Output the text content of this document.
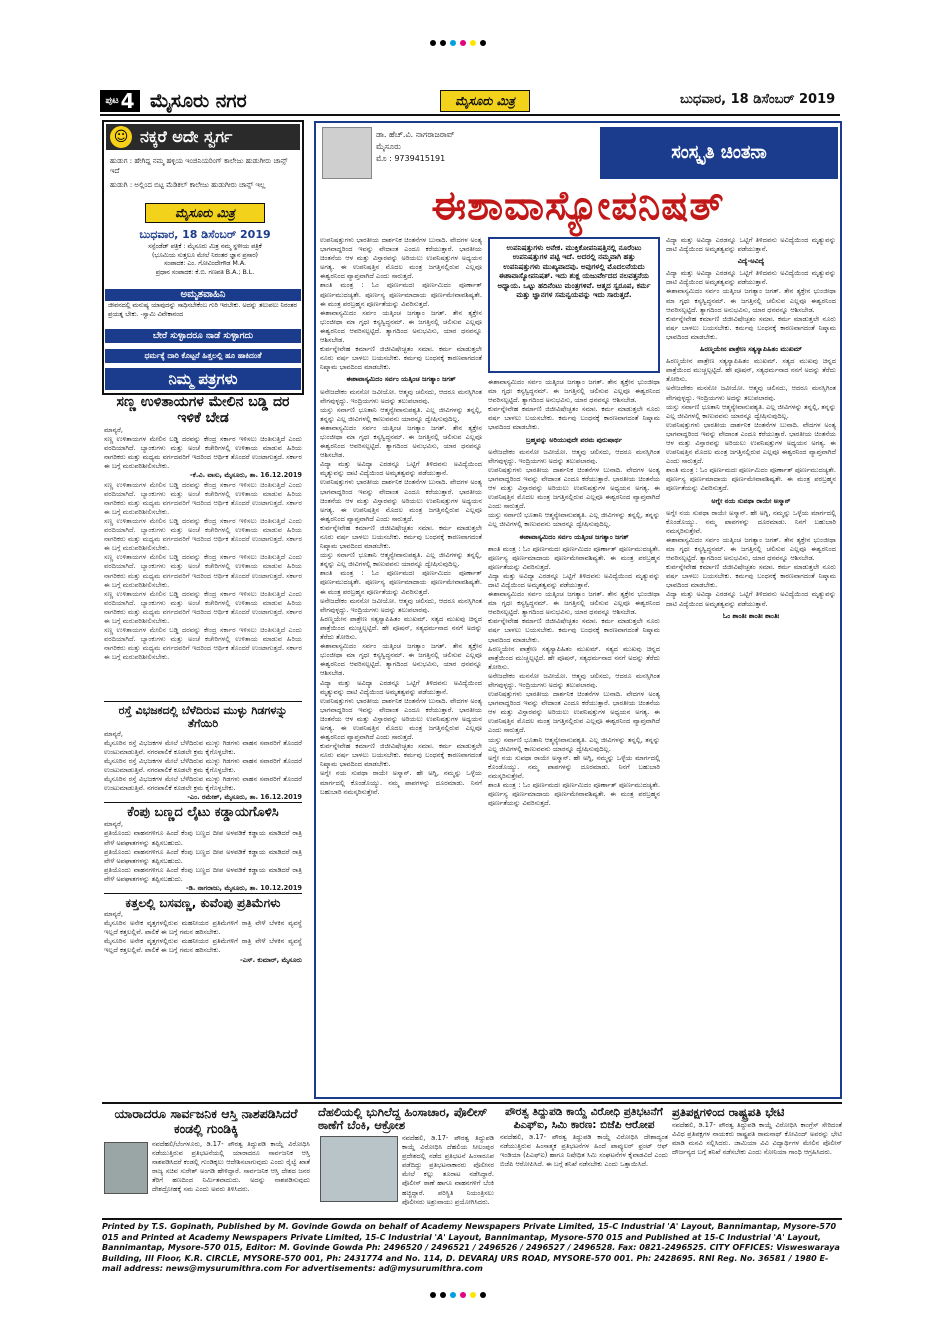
$^{ಪುಟ}$ 4 ಮೈಸೂರು ನಗರ	ಮೈಸೂರು ಮಿತ್ರ	ಬುಧವಾರ, 18 ಡಿಸೆಂಬರ್ 2019
☺ ನಕ್ಕರೆ ಅದೇ ಸ್ವರ್ಗ
ಹುಡುಗ : ಹೇಗಿದ್ದ ನಮ್ಮ ಹಳ್ಳಿಯ ಇಂಜಿನಿಯರಿಂಗ್ ಕಾಲೇಜು ಹುಡುಗೀರು ಚಾನ್ಸ್ ಇದೆ
ಹುಡುಗಿ : ಅಲ್ಲಿಂದ ಬಿಟ್ಟ ಮೆಡಿಕಲ್ ಕಾಲೇಜು ಹುಡುಗೀರು ಚಾನ್ಸ್ ಇಲ್ಲ
ಮೈಸೂರು ಮಿತ್ರ
ಬುಧವಾರ, 18 ಡಿಸೆಂಬರ್ 2019
ಸಸ್ಪೆಂಡೆಡ್ ಪತ್ರಿಕೆ : ಮೈಸೂರು ಮಿತ್ರ ನಮ್ಮ ಸ್ಥಳೀಯ ಪತ್ರಿಕೆ
(ಭೂಮಿಯ ಸುತ್ತಲೂ ಮೇಲೆ ನಿರಂತರ ಜ್ಞಾನ ಪ್ರಸಾರ)
ಸಂಪಾದಕ: ಎಂ. ಗೋವಿಂದೇಗೌಡ M.A.
ಪ್ರಧಾನ ಸಂಪಾದಕ: ಕೆ.ಬಿ. ಗಣಪತಿ B.A.; B.L.
ಅಮೃತವಾಹಿನಿ
ಜೀವನದಲ್ಲಿ ಮನುಷ್ಯ ಯಾವುದನ್ನು ಸಾಧಿಸಬೇಕೆಂಬ ಗುರಿ ಇರಬೇಕು. ಅದನ್ನು ತಲುಪಲು ನಿರಂತರ ಪ್ರಯತ್ನ ಬೇಕು. -ಸ್ವಾಮಿ ವಿವೇಕಾನಂದ
ಬೇರೆ ಸುಳ್ಳಾದರೂ ನಾಡೆ ಸುಳ್ಳಾಗದು
ಧರ್ಮಕ್ಕೆ ದಾರಿ ಕೊಟ್ಟರೆ ಹಿತ್ತಲಲ್ಲಿ ಹೂ ಹಾಕಿದಂತೆ
ನಿಮ್ಮ ಪತ್ರಗಳು
ಸಣ್ಣ ಉಳಿತಾಯಗಳ ಮೇಲಿನ ಬಡ್ಡಿ ದರ ಇಳಿಕೆ ಬೇಡ
ಮಾನ್ಯರೆ,
ಸಣ್ಣ ಉಳಿತಾಯಗಳ ಮೇಲಿನ ಬಡ್ಡಿ ದರವನ್ನು ಕೇಂದ್ರ ಸರ್ಕಾರ ಇಳಿಸಲು ಚಿಂತಿಸುತ್ತಿದೆ ಎಂದು ವರದಿಯಾಗಿದೆ. ಬ್ಯಾಂಕುಗಳು ಮತ್ತು ಅಂಚೆ ಕಚೇರಿಗಳಲ್ಲಿ ಉಳಿತಾಯ ಮಾಡುವ ಹಿರಿಯ ನಾಗರಿಕರು ಮತ್ತು ಮಧ್ಯಮ ವರ್ಗದವರಿಗೆ ಇದರಿಂದ ಆರ್ಥಿಕ ತೊಂದರೆ ಉಂಟಾಗುತ್ತದೆ. ಸರ್ಕಾರ ಈ ಬಗ್ಗೆ ಮರುಪರಿಶೀಲಿಸಬೇಕು.
-ಕೆ.ವಿ. ವಾಸು, ಮೈಸೂರು, ತಾ. 16.12.2019
ಸಣ್ಣ ಉಳಿತಾಯಗಳ ಮೇಲಿನ ಬಡ್ಡಿ ದರವನ್ನು ಕೇಂದ್ರ ಸರ್ಕಾರ ಇಳಿಸಲು ಚಿಂತಿಸುತ್ತಿದೆ ಎಂದು ವರದಿಯಾಗಿದೆ. ಬ್ಯಾಂಕುಗಳು ಮತ್ತು ಅಂಚೆ ಕಚೇರಿಗಳಲ್ಲಿ ಉಳಿತಾಯ ಮಾಡುವ ಹಿರಿಯ ನಾಗರಿಕರು ಮತ್ತು ಮಧ್ಯಮ ವರ್ಗದವರಿಗೆ ಇದರಿಂದ ಆರ್ಥಿಕ ತೊಂದರೆ ಉಂಟಾಗುತ್ತದೆ. ಸರ್ಕಾರ ಈ ಬಗ್ಗೆ ಮರುಪರಿಶೀಲಿಸಬೇಕು.
ಸಣ್ಣ ಉಳಿತಾಯಗಳ ಮೇಲಿನ ಬಡ್ಡಿ ದರವನ್ನು ಕೇಂದ್ರ ಸರ್ಕಾರ ಇಳಿಸಲು ಚಿಂತಿಸುತ್ತಿದೆ ಎಂದು ವರದಿಯಾಗಿದೆ. ಬ್ಯಾಂಕುಗಳು ಮತ್ತು ಅಂಚೆ ಕಚೇರಿಗಳಲ್ಲಿ ಉಳಿತಾಯ ಮಾಡುವ ಹಿರಿಯ ನಾಗರಿಕರು ಮತ್ತು ಮಧ್ಯಮ ವರ್ಗದವರಿಗೆ ಇದರಿಂದ ಆರ್ಥಿಕ ತೊಂದರೆ ಉಂಟಾಗುತ್ತದೆ. ಸರ್ಕಾರ ಈ ಬಗ್ಗೆ ಮರುಪರಿಶೀಲಿಸಬೇಕು.
ಸಣ್ಣ ಉಳಿತಾಯಗಳ ಮೇಲಿನ ಬಡ್ಡಿ ದರವನ್ನು ಕೇಂದ್ರ ಸರ್ಕಾರ ಇಳಿಸಲು ಚಿಂತಿಸುತ್ತಿದೆ ಎಂದು ವರದಿಯಾಗಿದೆ. ಬ್ಯಾಂಕುಗಳು ಮತ್ತು ಅಂಚೆ ಕಚೇರಿಗಳಲ್ಲಿ ಉಳಿತಾಯ ಮಾಡುವ ಹಿರಿಯ ನಾಗರಿಕರು ಮತ್ತು ಮಧ್ಯಮ ವರ್ಗದವರಿಗೆ ಇದರಿಂದ ಆರ್ಥಿಕ ತೊಂದರೆ ಉಂಟಾಗುತ್ತದೆ. ಸರ್ಕಾರ ಈ ಬಗ್ಗೆ ಮರುಪರಿಶೀಲಿಸಬೇಕು.
ಸಣ್ಣ ಉಳಿತಾಯಗಳ ಮೇಲಿನ ಬಡ್ಡಿ ದರವನ್ನು ಕೇಂದ್ರ ಸರ್ಕಾರ ಇಳಿಸಲು ಚಿಂತಿಸುತ್ತಿದೆ ಎಂದು ವರದಿಯಾಗಿದೆ. ಬ್ಯಾಂಕುಗಳು ಮತ್ತು ಅಂಚೆ ಕಚೇರಿಗಳಲ್ಲಿ ಉಳಿತಾಯ ಮಾಡುವ ಹಿರಿಯ ನಾಗರಿಕರು ಮತ್ತು ಮಧ್ಯಮ ವರ್ಗದವರಿಗೆ ಇದರಿಂದ ಆರ್ಥಿಕ ತೊಂದರೆ ಉಂಟಾಗುತ್ತದೆ. ಸರ್ಕಾರ ಈ ಬಗ್ಗೆ ಮರುಪರಿಶೀಲಿಸಬೇಕು.
ಸಣ್ಣ ಉಳಿತಾಯಗಳ ಮೇಲಿನ ಬಡ್ಡಿ ದರವನ್ನು ಕೇಂದ್ರ ಸರ್ಕಾರ ಇಳಿಸಲು ಚಿಂತಿಸುತ್ತಿದೆ ಎಂದು ವರದಿಯಾಗಿದೆ. ಬ್ಯಾಂಕುಗಳು ಮತ್ತು ಅಂಚೆ ಕಚೇರಿಗಳಲ್ಲಿ ಉಳಿತಾಯ ಮಾಡುವ ಹಿರಿಯ ನಾಗರಿಕರು ಮತ್ತು ಮಧ್ಯಮ ವರ್ಗದವರಿಗೆ ಇದರಿಂದ ಆರ್ಥಿಕ ತೊಂದರೆ ಉಂಟಾಗುತ್ತದೆ. ಸರ್ಕಾರ ಈ ಬಗ್ಗೆ ಮರುಪರಿಶೀಲಿಸಬೇಕು.
ರಸ್ತೆ ವಿಭಜಕದಲ್ಲಿ ಬೆಳೆದಿರುವ ಮುಳ್ಳು ಗಿಡಗಳನ್ನು ತೆಗೆಯಿರಿ
ಮಾನ್ಯರೆ,
ಮೈಸೂರಿನ ರಸ್ತೆ ವಿಭಜಕಗಳ ಮೇಲೆ ಬೆಳೆದಿರುವ ಮುಳ್ಳು ಗಿಡಗಳು ವಾಹನ ಸವಾರರಿಗೆ ತೊಂದರೆ ಉಂಟುಮಾಡುತ್ತಿವೆ. ನಗರಪಾಲಿಕೆ ಕೂಡಲೇ ಕ್ರಮ ಕೈಗೊಳ್ಳಬೇಕು.
ಮೈಸೂರಿನ ರಸ್ತೆ ವಿಭಜಕಗಳ ಮೇಲೆ ಬೆಳೆದಿರುವ ಮುಳ್ಳು ಗಿಡಗಳು ವಾಹನ ಸವಾರರಿಗೆ ತೊಂದರೆ ಉಂಟುಮಾಡುತ್ತಿವೆ. ನಗರಪಾಲಿಕೆ ಕೂಡಲೇ ಕ್ರಮ ಕೈಗೊಳ್ಳಬೇಕು.
ಮೈಸೂರಿನ ರಸ್ತೆ ವಿಭಜಕಗಳ ಮೇಲೆ ಬೆಳೆದಿರುವ ಮುಳ್ಳು ಗಿಡಗಳು ವಾಹನ ಸವಾರರಿಗೆ ತೊಂದರೆ ಉಂಟುಮಾಡುತ್ತಿವೆ. ನಗರಪಾಲಿಕೆ ಕೂಡಲೇ ಕ್ರಮ ಕೈಗೊಳ್ಳಬೇಕು.
-ಎಂ. ರಮೇಶ್, ಮೈಸೂರು, ತಾ. 16.12.2019
ಕೆಂಪು ಬಣ್ಣದ ಲೈಟು ಕಡ್ಡಾಯಗೊಳಿಸಿ
ಮಾನ್ಯರೆ,
ಪ್ರತಿಯೊಂದು ವಾಹನಗಳಿಗೂ ಹಿಂದೆ ಕೆಂಪು ಬಣ್ಣದ ದೀಪ ಅಳವಡಿಕೆ ಕಡ್ಡಾಯ ಮಾಡಿದರೆ ರಾತ್ರಿ ವೇಳೆ ಅಪಘಾತಗಳನ್ನು ತಪ್ಪಿಸಬಹುದು.
ಪ್ರತಿಯೊಂದು ವಾಹನಗಳಿಗೂ ಹಿಂದೆ ಕೆಂಪು ಬಣ್ಣದ ದೀಪ ಅಳವಡಿಕೆ ಕಡ್ಡಾಯ ಮಾಡಿದರೆ ರಾತ್ರಿ ವೇಳೆ ಅಪಘಾತಗಳನ್ನು ತಪ್ಪಿಸಬಹುದು.
ಪ್ರತಿಯೊಂದು ವಾಹನಗಳಿಗೂ ಹಿಂದೆ ಕೆಂಪು ಬಣ್ಣದ ದೀಪ ಅಳವಡಿಕೆ ಕಡ್ಡಾಯ ಮಾಡಿದರೆ ರಾತ್ರಿ ವೇಳೆ ಅಪಘಾತಗಳನ್ನು ತಪ್ಪಿಸಬಹುದು.
-ಡಿ. ನಾಗರಾಜು, ಮೈಸೂರು, ತಾ. 10.12.2019
ಕತ್ತಲಲ್ಲಿ ಬಸವಣ್ಣ, ಕುವೆಂಪು ಪ್ರತಿಮೆಗಳು
ಮಾನ್ಯರೆ,
ಮೈಸೂರಿನ ಅನೇಕ ವೃತ್ತಗಳಲ್ಲಿರುವ ಮಹನೀಯರ ಪ್ರತಿಮೆಗಳಿಗೆ ರಾತ್ರಿ ವೇಳೆ ಬೆಳಕಿನ ವ್ಯವಸ್ಥೆ ಇಲ್ಲದೆ ಕತ್ತಲಲ್ಲಿವೆ. ಪಾಲಿಕೆ ಈ ಬಗ್ಗೆ ಗಮನ ಹರಿಸಬೇಕು.
ಮೈಸೂರಿನ ಅನೇಕ ವೃತ್ತಗಳಲ್ಲಿರುವ ಮಹನೀಯರ ಪ್ರತಿಮೆಗಳಿಗೆ ರಾತ್ರಿ ವೇಳೆ ಬೆಳಕಿನ ವ್ಯವಸ್ಥೆ ಇಲ್ಲದೆ ಕತ್ತಲಲ್ಲಿವೆ. ಪಾಲಿಕೆ ಈ ಬಗ್ಗೆ ಗಮನ ಹರಿಸಬೇಕು.
-ಎಸ್. ಕುಮಾರ್, ಮೈಸೂರು
ಡಾ. ಹೆಚ್.ವಿ. ನಾಗರಾಜರಾವ್
ಮೈಸೂರು
ಮೊ : 9739415191	ಸಂಸ್ಕೃತಿ ಚಿಂತನಾ
ಈಶಾವಾಸ್ಯೋಪನಿಷತ್

ಉಪನಿಷತ್ತುಗಳು ಭಾರತೀಯ ದಾರ್ಶನಿಕ ಚಿಂತನೆಗಳ ಬುನಾದಿ. ವೇದಗಳ ಅಂತ್ಯ ಭಾಗವಾದ್ದರಿಂದ ಇವನ್ನು ವೇದಾಂತ ಎಂದೂ ಕರೆಯುತ್ತಾರೆ. ಭಾರತೀಯ ಚಿಂತನೆಯ ಆಳ ಮತ್ತು ವಿಸ್ತಾರವನ್ನು ಅರಿಯಲು ಉಪನಿಷತ್ತುಗಳ ಅಧ್ಯಯನ ಅಗತ್ಯ. ಈ ಉಪನಿಷತ್ತಿನ ಮೊದಲ ಮಂತ್ರ ಜಗತ್ತಿನಲ್ಲಿರುವ ಎಲ್ಲವೂ ಈಶ್ವರನಿಂದ ವ್ಯಾಪ್ತವಾಗಿದೆ ಎಂದು ಸಾರುತ್ತದೆ.

ಶಾಂತಿ ಮಂತ್ರ : ಓಂ ಪೂರ್ಣಮದಃ ಪೂರ್ಣಮಿದಂ ಪೂರ್ಣಾತ್ ಪೂರ್ಣಮುದಚ್ಯತೇ. ಪೂರ್ಣಸ್ಯ ಪೂರ್ಣಮಾದಾಯ ಪೂರ್ಣಮೇವಾವಶಿಷ್ಯತೇ. ಈ ಮಂತ್ರ ಪರಬ್ರಹ್ಮನ ಪೂರ್ಣತೆಯನ್ನು ವಿವರಿಸುತ್ತದೆ.

ಈಶಾವಾಸ್ಯಮಿದಂ ಸರ್ವಂ ಯತ್ಕಿಂಚ ಜಗತ್ಯಾಂ ಜಗತ್. ತೇನ ತ್ಯಕ್ತೇನ ಭುಂಜೀಥಾ ಮಾ ಗೃಧಃ ಕಸ್ಯಸ್ವಿದ್ಧನಮ್. ಈ ಜಗತ್ತಿನಲ್ಲಿ ಚಲಿಸುವ ಎಲ್ಲವೂ ಈಶ್ವರನಿಂದ ಆವರಿಸಲ್ಪಟ್ಟಿದೆ. ತ್ಯಾಗದಿಂದ ಅನುಭವಿಸು, ಯಾರ ಧನವನ್ನೂ ಆಶಿಸಬೇಡ.

ಕುರ್ವನ್ನೇವೇಹ ಕರ್ಮಾಣಿ ಜಿಜೀವಿಷೇಚ್ಛತಂ ಸಮಾಃ. ಕರ್ಮ ಮಾಡುತ್ತಲೇ ನೂರು ವರ್ಷ ಬಾಳಲು ಬಯಸಬೇಕು. ಕರ್ಮವು ಬಂಧನಕ್ಕೆ ಕಾರಣವಾಗದಂತೆ ನಿಷ್ಕಾಮ ಭಾವದಿಂದ ಮಾಡಬೇಕು.

ಈಶಾವಾಸ್ಯಮಿದಂ ಸರ್ವಂ ಯತ್ಕಿಂಚ ಜಗತ್ಯಾಂ ಜಗತ್

ಅನೇಜದೇಕಂ ಮನಸೋ ಜವೀಯೋ. ಆತ್ಮವು ಚಲಿಸದು, ಆದರೂ ಮನಸ್ಸಿಗಿಂತ ವೇಗವುಳ್ಳದ್ದು. ಇಂದ್ರಿಯಗಳು ಅದನ್ನು ತಲುಪಲಾರವು.

ಯಸ್ತು ಸರ್ವಾಣಿ ಭೂತಾನಿ ಆತ್ಮನ್ಯೇವಾನುಪಶ್ಯತಿ. ಎಲ್ಲ ಜೀವಿಗಳನ್ನು ತನ್ನಲ್ಲಿ, ತನ್ನನ್ನು ಎಲ್ಲ ಜೀವಿಗಳಲ್ಲಿ ಕಾಣುವವನು ಯಾರನ್ನೂ ದ್ವೇಷಿಸುವುದಿಲ್ಲ.

ಈಶಾವಾಸ್ಯಮಿದಂ ಸರ್ವಂ ಯತ್ಕಿಂಚ ಜಗತ್ಯಾಂ ಜಗತ್. ತೇನ ತ್ಯಕ್ತೇನ ಭುಂಜೀಥಾ ಮಾ ಗೃಧಃ ಕಸ್ಯಸ್ವಿದ್ಧನಮ್. ಈ ಜಗತ್ತಿನಲ್ಲಿ ಚಲಿಸುವ ಎಲ್ಲವೂ ಈಶ್ವರನಿಂದ ಆವರಿಸಲ್ಪಟ್ಟಿದೆ. ತ್ಯಾಗದಿಂದ ಅನುಭವಿಸು, ಯಾರ ಧನವನ್ನೂ ಆಶಿಸಬೇಡ.

ವಿದ್ಯಾ ಮತ್ತು ಅವಿದ್ಯಾ ಎರಡನ್ನೂ ಒಟ್ಟಿಗೆ ತಿಳಿದವನು ಅವಿದ್ಯೆಯಿಂದ ಮೃತ್ಯುವನ್ನು ದಾಟಿ ವಿದ್ಯೆಯಿಂದ ಅಮೃತತ್ವವನ್ನು ಪಡೆಯುತ್ತಾನೆ.

ಉಪನಿಷತ್ತುಗಳು ಭಾರತೀಯ ದಾರ್ಶನಿಕ ಚಿಂತನೆಗಳ ಬುನಾದಿ. ವೇದಗಳ ಅಂತ್ಯ ಭಾಗವಾದ್ದರಿಂದ ಇವನ್ನು ವೇದಾಂತ ಎಂದೂ ಕರೆಯುತ್ತಾರೆ. ಭಾರತೀಯ ಚಿಂತನೆಯ ಆಳ ಮತ್ತು ವಿಸ್ತಾರವನ್ನು ಅರಿಯಲು ಉಪನಿಷತ್ತುಗಳ ಅಧ್ಯಯನ ಅಗತ್ಯ. ಈ ಉಪನಿಷತ್ತಿನ ಮೊದಲ ಮಂತ್ರ ಜಗತ್ತಿನಲ್ಲಿರುವ ಎಲ್ಲವೂ ಈಶ್ವರನಿಂದ ವ್ಯಾಪ್ತವಾಗಿದೆ ಎಂದು ಸಾರುತ್ತದೆ.

ಕುರ್ವನ್ನೇವೇಹ ಕರ್ಮಾಣಿ ಜಿಜೀವಿಷೇಚ್ಛತಂ ಸಮಾಃ. ಕರ್ಮ ಮಾಡುತ್ತಲೇ ನೂರು ವರ್ಷ ಬಾಳಲು ಬಯಸಬೇಕು. ಕರ್ಮವು ಬಂಧನಕ್ಕೆ ಕಾರಣವಾಗದಂತೆ ನಿಷ್ಕಾಮ ಭಾವದಿಂದ ಮಾಡಬೇಕು.

ಯಸ್ತು ಸರ್ವಾಣಿ ಭೂತಾನಿ ಆತ್ಮನ್ಯೇವಾನುಪಶ್ಯತಿ. ಎಲ್ಲ ಜೀವಿಗಳನ್ನು ತನ್ನಲ್ಲಿ, ತನ್ನನ್ನು ಎಲ್ಲ ಜೀವಿಗಳಲ್ಲಿ ಕಾಣುವವನು ಯಾರನ್ನೂ ದ್ವೇಷಿಸುವುದಿಲ್ಲ.

ಶಾಂತಿ ಮಂತ್ರ : ಓಂ ಪೂರ್ಣಮದಃ ಪೂರ್ಣಮಿದಂ ಪೂರ್ಣಾತ್ ಪೂರ್ಣಮುದಚ್ಯತೇ. ಪೂರ್ಣಸ್ಯ ಪೂರ್ಣಮಾದಾಯ ಪೂರ್ಣಮೇವಾವಶಿಷ್ಯತೇ. ಈ ಮಂತ್ರ ಪರಬ್ರಹ್ಮನ ಪೂರ್ಣತೆಯನ್ನು ವಿವರಿಸುತ್ತದೆ.

ಅನೇಜದೇಕಂ ಮನಸೋ ಜವೀಯೋ. ಆತ್ಮವು ಚಲಿಸದು, ಆದರೂ ಮನಸ್ಸಿಗಿಂತ ವೇಗವುಳ್ಳದ್ದು. ಇಂದ್ರಿಯಗಳು ಅದನ್ನು ತಲುಪಲಾರವು.

ಹಿರಣ್ಮಯೇನ ಪಾತ್ರೇಣ ಸತ್ಯಸ್ಯಾಪಿಹಿತಂ ಮುಖಮ್. ಸತ್ಯದ ಮುಖವು ಚಿನ್ನದ ಪಾತ್ರೆಯಿಂದ ಮುಚ್ಚಲ್ಪಟ್ಟಿದೆ. ಹೇ ಪೂಷನ್, ಸತ್ಯಧರ್ಮನಾದ ನನಗೆ ಅದನ್ನು ತೆರೆದು ತೋರಿಸು.

ಈಶಾವಾಸ್ಯಮಿದಂ ಸರ್ವಂ ಯತ್ಕಿಂಚ ಜಗತ್ಯಾಂ ಜಗತ್. ತೇನ ತ್ಯಕ್ತೇನ ಭುಂಜೀಥಾ ಮಾ ಗೃಧಃ ಕಸ್ಯಸ್ವಿದ್ಧನಮ್. ಈ ಜಗತ್ತಿನಲ್ಲಿ ಚಲಿಸುವ ಎಲ್ಲವೂ ಈಶ್ವರನಿಂದ ಆವರಿಸಲ್ಪಟ್ಟಿದೆ. ತ್ಯಾಗದಿಂದ ಅನುಭವಿಸು, ಯಾರ ಧನವನ್ನೂ ಆಶಿಸಬೇಡ.

ವಿದ್ಯಾ ಮತ್ತು ಅವಿದ್ಯಾ ಎರಡನ್ನೂ ಒಟ್ಟಿಗೆ ತಿಳಿದವನು ಅವಿದ್ಯೆಯಿಂದ ಮೃತ್ಯುವನ್ನು ದಾಟಿ ವಿದ್ಯೆಯಿಂದ ಅಮೃತತ್ವವನ್ನು ಪಡೆಯುತ್ತಾನೆ.

ಉಪನಿಷತ್ತುಗಳು ಭಾರತೀಯ ದಾರ್ಶನಿಕ ಚಿಂತನೆಗಳ ಬುನಾದಿ. ವೇದಗಳ ಅಂತ್ಯ ಭಾಗವಾದ್ದರಿಂದ ಇವನ್ನು ವೇದಾಂತ ಎಂದೂ ಕರೆಯುತ್ತಾರೆ. ಭಾರತೀಯ ಚಿಂತನೆಯ ಆಳ ಮತ್ತು ವಿಸ್ತಾರವನ್ನು ಅರಿಯಲು ಉಪನಿಷತ್ತುಗಳ ಅಧ್ಯಯನ ಅಗತ್ಯ. ಈ ಉಪನಿಷತ್ತಿನ ಮೊದಲ ಮಂತ್ರ ಜಗತ್ತಿನಲ್ಲಿರುವ ಎಲ್ಲವೂ ಈಶ್ವರನಿಂದ ವ್ಯಾಪ್ತವಾಗಿದೆ ಎಂದು ಸಾರುತ್ತದೆ.

ಕುರ್ವನ್ನೇವೇಹ ಕರ್ಮಾಣಿ ಜಿಜೀವಿಷೇಚ್ಛತಂ ಸಮಾಃ. ಕರ್ಮ ಮಾಡುತ್ತಲೇ ನೂರು ವರ್ಷ ಬಾಳಲು ಬಯಸಬೇಕು. ಕರ್ಮವು ಬಂಧನಕ್ಕೆ ಕಾರಣವಾಗದಂತೆ ನಿಷ್ಕಾಮ ಭಾವದಿಂದ ಮಾಡಬೇಕು.

ಅಗ್ನೇ ನಯ ಸುಪಥಾ ರಾಯೇ ಅಸ್ಮಾನ್. ಹೇ ಅಗ್ನಿ, ನಮ್ಮನ್ನು ಒಳ್ಳೆಯ ಮಾರ್ಗದಲ್ಲಿ ಕೊಂಡೊಯ್ಯು. ನಮ್ಮ ಪಾಪಗಳನ್ನು ದೂರಮಾಡು. ನಿನಗೆ ಬಹುಬಾರಿ ನಮಸ್ಕರಿಸುತ್ತೇವೆ.

ಉಪನಿಷತ್ತುಗಳು ಅನೇಕ. ಮುಕ್ತಿಕೋಪನಿಷತ್ತಿನಲ್ಲಿ ನೂರೆಂಟು ಉಪನಿಷತ್ತುಗಳ ಪಟ್ಟಿ ಇದೆ. ಅದರಲ್ಲಿ ನಮ್ಮವಾಗಿ ಹತ್ತು ಉಪನಿಷತ್ತುಗಳು ಮುಖ್ಯವಾದವು. ಅವುಗಳಲ್ಲಿ ಮೊದಲನೆಯದು ಈಶಾವಾಸ್ಯೋಪನಿಷತ್. ಇದು ಶುಕ್ಲ ಯಜುರ್ವೇದದ ನಲವತ್ತನೆಯ ಅಧ್ಯಾಯ. ಒಟ್ಟು ಹದಿನೆಂಟು ಮಂತ್ರಗಳಿವೆ. ಆತ್ಮದ ಸ್ವರೂಪ, ಕರ್ಮ ಮತ್ತು ಜ್ಞಾನಗಳ ಸಮನ್ವಯವನ್ನು ಇದು ಸಾರುತ್ತದೆ.

ಈಶಾವಾಸ್ಯಮಿದಂ ಸರ್ವಂ ಯತ್ಕಿಂಚ ಜಗತ್ಯಾಂ ಜಗತ್. ತೇನ ತ್ಯಕ್ತೇನ ಭುಂಜೀಥಾ ಮಾ ಗೃಧಃ ಕಸ್ಯಸ್ವಿದ್ಧನಮ್. ಈ ಜಗತ್ತಿನಲ್ಲಿ ಚಲಿಸುವ ಎಲ್ಲವೂ ಈಶ್ವರನಿಂದ ಆವರಿಸಲ್ಪಟ್ಟಿದೆ. ತ್ಯಾಗದಿಂದ ಅನುಭವಿಸು, ಯಾರ ಧನವನ್ನೂ ಆಶಿಸಬೇಡ.

ಕುರ್ವನ್ನೇವೇಹ ಕರ್ಮಾಣಿ ಜಿಜೀವಿಷೇಚ್ಛತಂ ಸಮಾಃ. ಕರ್ಮ ಮಾಡುತ್ತಲೇ ನೂರು ವರ್ಷ ಬಾಳಲು ಬಯಸಬೇಕು. ಕರ್ಮವು ಬಂಧನಕ್ಕೆ ಕಾರಣವಾಗದಂತೆ ನಿಷ್ಕಾಮ ಭಾವದಿಂದ ಮಾಡಬೇಕು.

ಬ್ರಹ್ಮವನ್ನು ಅರಿಯುವುದೇ ಪರಮ ಪುರುಷಾರ್ಥ

ಅನೇಜದೇಕಂ ಮನಸೋ ಜವೀಯೋ. ಆತ್ಮವು ಚಲಿಸದು, ಆದರೂ ಮನಸ್ಸಿಗಿಂತ ವೇಗವುಳ್ಳದ್ದು. ಇಂದ್ರಿಯಗಳು ಅದನ್ನು ತಲುಪಲಾರವು.

ಉಪನಿಷತ್ತುಗಳು ಭಾರತೀಯ ದಾರ್ಶನಿಕ ಚಿಂತನೆಗಳ ಬುನಾದಿ. ವೇದಗಳ ಅಂತ್ಯ ಭಾಗವಾದ್ದರಿಂದ ಇವನ್ನು ವೇದಾಂತ ಎಂದೂ ಕರೆಯುತ್ತಾರೆ. ಭಾರತೀಯ ಚಿಂತನೆಯ ಆಳ ಮತ್ತು ವಿಸ್ತಾರವನ್ನು ಅರಿಯಲು ಉಪನಿಷತ್ತುಗಳ ಅಧ್ಯಯನ ಅಗತ್ಯ. ಈ ಉಪನಿಷತ್ತಿನ ಮೊದಲ ಮಂತ್ರ ಜಗತ್ತಿನಲ್ಲಿರುವ ಎಲ್ಲವೂ ಈಶ್ವರನಿಂದ ವ್ಯಾಪ್ತವಾಗಿದೆ ಎಂದು ಸಾರುತ್ತದೆ.

ಯಸ್ತು ಸರ್ವಾಣಿ ಭೂತಾನಿ ಆತ್ಮನ್ಯೇವಾನುಪಶ್ಯತಿ. ಎಲ್ಲ ಜೀವಿಗಳನ್ನು ತನ್ನಲ್ಲಿ, ತನ್ನನ್ನು ಎಲ್ಲ ಜೀವಿಗಳಲ್ಲಿ ಕಾಣುವವನು ಯಾರನ್ನೂ ದ್ವೇಷಿಸುವುದಿಲ್ಲ.

ಈಶಾವಾಸ್ಯಮಿದಂ ಸರ್ವಂ ಯತ್ಕಿಂಚ ಜಗತ್ಯಾಂ ಜಗತ್

ಶಾಂತಿ ಮಂತ್ರ : ಓಂ ಪೂರ್ಣಮದಃ ಪೂರ್ಣಮಿದಂ ಪೂರ್ಣಾತ್ ಪೂರ್ಣಮುದಚ್ಯತೇ. ಪೂರ್ಣಸ್ಯ ಪೂರ್ಣಮಾದಾಯ ಪೂರ್ಣಮೇವಾವಶಿಷ್ಯತೇ. ಈ ಮಂತ್ರ ಪರಬ್ರಹ್ಮನ ಪೂರ್ಣತೆಯನ್ನು ವಿವರಿಸುತ್ತದೆ.

ವಿದ್ಯಾ ಮತ್ತು ಅವಿದ್ಯಾ ಎರಡನ್ನೂ ಒಟ್ಟಿಗೆ ತಿಳಿದವನು ಅವಿದ್ಯೆಯಿಂದ ಮೃತ್ಯುವನ್ನು ದಾಟಿ ವಿದ್ಯೆಯಿಂದ ಅಮೃತತ್ವವನ್ನು ಪಡೆಯುತ್ತಾನೆ.

ಈಶಾವಾಸ್ಯಮಿದಂ ಸರ್ವಂ ಯತ್ಕಿಂಚ ಜಗತ್ಯಾಂ ಜಗತ್. ತೇನ ತ್ಯಕ್ತೇನ ಭುಂಜೀಥಾ ಮಾ ಗೃಧಃ ಕಸ್ಯಸ್ವಿದ್ಧನಮ್. ಈ ಜಗತ್ತಿನಲ್ಲಿ ಚಲಿಸುವ ಎಲ್ಲವೂ ಈಶ್ವರನಿಂದ ಆವರಿಸಲ್ಪಟ್ಟಿದೆ. ತ್ಯಾಗದಿಂದ ಅನುಭವಿಸು, ಯಾರ ಧನವನ್ನೂ ಆಶಿಸಬೇಡ.

ಕುರ್ವನ್ನೇವೇಹ ಕರ್ಮಾಣಿ ಜಿಜೀವಿಷೇಚ್ಛತಂ ಸಮಾಃ. ಕರ್ಮ ಮಾಡುತ್ತಲೇ ನೂರು ವರ್ಷ ಬಾಳಲು ಬಯಸಬೇಕು. ಕರ್ಮವು ಬಂಧನಕ್ಕೆ ಕಾರಣವಾಗದಂತೆ ನಿಷ್ಕಾಮ ಭಾವದಿಂದ ಮಾಡಬೇಕು.

ಹಿರಣ್ಮಯೇನ ಪಾತ್ರೇಣ ಸತ್ಯಸ್ಯಾಪಿಹಿತಂ ಮುಖಮ್. ಸತ್ಯದ ಮುಖವು ಚಿನ್ನದ ಪಾತ್ರೆಯಿಂದ ಮುಚ್ಚಲ್ಪಟ್ಟಿದೆ. ಹೇ ಪೂಷನ್, ಸತ್ಯಧರ್ಮನಾದ ನನಗೆ ಅದನ್ನು ತೆರೆದು ತೋರಿಸು.

ಅನೇಜದೇಕಂ ಮನಸೋ ಜವೀಯೋ. ಆತ್ಮವು ಚಲಿಸದು, ಆದರೂ ಮನಸ್ಸಿಗಿಂತ ವೇಗವುಳ್ಳದ್ದು. ಇಂದ್ರಿಯಗಳು ಅದನ್ನು ತಲುಪಲಾರವು.

ಉಪನಿಷತ್ತುಗಳು ಭಾರತೀಯ ದಾರ್ಶನಿಕ ಚಿಂತನೆಗಳ ಬುನಾದಿ. ವೇದಗಳ ಅಂತ್ಯ ಭಾಗವಾದ್ದರಿಂದ ಇವನ್ನು ವೇದಾಂತ ಎಂದೂ ಕರೆಯುತ್ತಾರೆ. ಭಾರತೀಯ ಚಿಂತನೆಯ ಆಳ ಮತ್ತು ವಿಸ್ತಾರವನ್ನು ಅರಿಯಲು ಉಪನಿಷತ್ತುಗಳ ಅಧ್ಯಯನ ಅಗತ್ಯ. ಈ ಉಪನಿಷತ್ತಿನ ಮೊದಲ ಮಂತ್ರ ಜಗತ್ತಿನಲ್ಲಿರುವ ಎಲ್ಲವೂ ಈಶ್ವರನಿಂದ ವ್ಯಾಪ್ತವಾಗಿದೆ ಎಂದು ಸಾರುತ್ತದೆ.

ಯಸ್ತು ಸರ್ವಾಣಿ ಭೂತಾನಿ ಆತ್ಮನ್ಯೇವಾನುಪಶ್ಯತಿ. ಎಲ್ಲ ಜೀವಿಗಳನ್ನು ತನ್ನಲ್ಲಿ, ತನ್ನನ್ನು ಎಲ್ಲ ಜೀವಿಗಳಲ್ಲಿ ಕಾಣುವವನು ಯಾರನ್ನೂ ದ್ವೇಷಿಸುವುದಿಲ್ಲ.

ಅಗ್ನೇ ನಯ ಸುಪಥಾ ರಾಯೇ ಅಸ್ಮಾನ್. ಹೇ ಅಗ್ನಿ, ನಮ್ಮನ್ನು ಒಳ್ಳೆಯ ಮಾರ್ಗದಲ್ಲಿ ಕೊಂಡೊಯ್ಯು. ನಮ್ಮ ಪಾಪಗಳನ್ನು ದೂರಮಾಡು. ನಿನಗೆ ಬಹುಬಾರಿ ನಮಸ್ಕರಿಸುತ್ತೇವೆ.

ಶಾಂತಿ ಮಂತ್ರ : ಓಂ ಪೂರ್ಣಮದಃ ಪೂರ್ಣಮಿದಂ ಪೂರ್ಣಾತ್ ಪೂರ್ಣಮುದಚ್ಯತೇ. ಪೂರ್ಣಸ್ಯ ಪೂರ್ಣಮಾದಾಯ ಪೂರ್ಣಮೇವಾವಶಿಷ್ಯತೇ. ಈ ಮಂತ್ರ ಪರಬ್ರಹ್ಮನ ಪೂರ್ಣತೆಯನ್ನು ವಿವರಿಸುತ್ತದೆ.

ವಿದ್ಯಾ ಮತ್ತು ಅವಿದ್ಯಾ ಎರಡನ್ನೂ ಒಟ್ಟಿಗೆ ತಿಳಿದವನು ಅವಿದ್ಯೆಯಿಂದ ಮೃತ್ಯುವನ್ನು ದಾಟಿ ವಿದ್ಯೆಯಿಂದ ಅಮೃತತ್ವವನ್ನು ಪಡೆಯುತ್ತಾನೆ.

ವಿದ್ಯೆ-ಅವಿದ್ಯೆ

ವಿದ್ಯಾ ಮತ್ತು ಅವಿದ್ಯಾ ಎರಡನ್ನೂ ಒಟ್ಟಿಗೆ ತಿಳಿದವನು ಅವಿದ್ಯೆಯಿಂದ ಮೃತ್ಯುವನ್ನು ದಾಟಿ ವಿದ್ಯೆಯಿಂದ ಅಮೃತತ್ವವನ್ನು ಪಡೆಯುತ್ತಾನೆ.

ಈಶಾವಾಸ್ಯಮಿದಂ ಸರ್ವಂ ಯತ್ಕಿಂಚ ಜಗತ್ಯಾಂ ಜಗತ್. ತೇನ ತ್ಯಕ್ತೇನ ಭುಂಜೀಥಾ ಮಾ ಗೃಧಃ ಕಸ್ಯಸ್ವಿದ್ಧನಮ್. ಈ ಜಗತ್ತಿನಲ್ಲಿ ಚಲಿಸುವ ಎಲ್ಲವೂ ಈಶ್ವರನಿಂದ ಆವರಿಸಲ್ಪಟ್ಟಿದೆ. ತ್ಯಾಗದಿಂದ ಅನುಭವಿಸು, ಯಾರ ಧನವನ್ನೂ ಆಶಿಸಬೇಡ.

ಕುರ್ವನ್ನೇವೇಹ ಕರ್ಮಾಣಿ ಜಿಜೀವಿಷೇಚ್ಛತಂ ಸಮಾಃ. ಕರ್ಮ ಮಾಡುತ್ತಲೇ ನೂರು ವರ್ಷ ಬಾಳಲು ಬಯಸಬೇಕು. ಕರ್ಮವು ಬಂಧನಕ್ಕೆ ಕಾರಣವಾಗದಂತೆ ನಿಷ್ಕಾಮ ಭಾವದಿಂದ ಮಾಡಬೇಕು.

ಹಿರಣ್ಮಯೇನ ಪಾತ್ರೇಣ ಸತ್ಯಸ್ಯಾಪಿಹಿತಂ ಮುಖಮ್

ಹಿರಣ್ಮಯೇನ ಪಾತ್ರೇಣ ಸತ್ಯಸ್ಯಾಪಿಹಿತಂ ಮುಖಮ್. ಸತ್ಯದ ಮುಖವು ಚಿನ್ನದ ಪಾತ್ರೆಯಿಂದ ಮುಚ್ಚಲ್ಪಟ್ಟಿದೆ. ಹೇ ಪೂಷನ್, ಸತ್ಯಧರ್ಮನಾದ ನನಗೆ ಅದನ್ನು ತೆರೆದು ತೋರಿಸು.

ಅನೇಜದೇಕಂ ಮನಸೋ ಜವೀಯೋ. ಆತ್ಮವು ಚಲಿಸದು, ಆದರೂ ಮನಸ್ಸಿಗಿಂತ ವೇಗವುಳ್ಳದ್ದು. ಇಂದ್ರಿಯಗಳು ಅದನ್ನು ತಲುಪಲಾರವು.

ಯಸ್ತು ಸರ್ವಾಣಿ ಭೂತಾನಿ ಆತ್ಮನ್ಯೇವಾನುಪಶ್ಯತಿ. ಎಲ್ಲ ಜೀವಿಗಳನ್ನು ತನ್ನಲ್ಲಿ, ತನ್ನನ್ನು ಎಲ್ಲ ಜೀವಿಗಳಲ್ಲಿ ಕಾಣುವವನು ಯಾರನ್ನೂ ದ್ವೇಷಿಸುವುದಿಲ್ಲ.

ಉಪನಿಷತ್ತುಗಳು ಭಾರತೀಯ ದಾರ್ಶನಿಕ ಚಿಂತನೆಗಳ ಬುನಾದಿ. ವೇದಗಳ ಅಂತ್ಯ ಭಾಗವಾದ್ದರಿಂದ ಇವನ್ನು ವೇದಾಂತ ಎಂದೂ ಕರೆಯುತ್ತಾರೆ. ಭಾರತೀಯ ಚಿಂತನೆಯ ಆಳ ಮತ್ತು ವಿಸ್ತಾರವನ್ನು ಅರಿಯಲು ಉಪನಿಷತ್ತುಗಳ ಅಧ್ಯಯನ ಅಗತ್ಯ. ಈ ಉಪನಿಷತ್ತಿನ ಮೊದಲ ಮಂತ್ರ ಜಗತ್ತಿನಲ್ಲಿರುವ ಎಲ್ಲವೂ ಈಶ್ವರನಿಂದ ವ್ಯಾಪ್ತವಾಗಿದೆ ಎಂದು ಸಾರುತ್ತದೆ.

ಶಾಂತಿ ಮಂತ್ರ : ಓಂ ಪೂರ್ಣಮದಃ ಪೂರ್ಣಮಿದಂ ಪೂರ್ಣಾತ್ ಪೂರ್ಣಮುದಚ್ಯತೇ. ಪೂರ್ಣಸ್ಯ ಪೂರ್ಣಮಾದಾಯ ಪೂರ್ಣಮೇವಾವಶಿಷ್ಯತೇ. ಈ ಮಂತ್ರ ಪರಬ್ರಹ್ಮನ ಪೂರ್ಣತೆಯನ್ನು ವಿವರಿಸುತ್ತದೆ.

ಅಗ್ನೇ ನಯ ಸುಪಥಾ ರಾಯೇ ಅಸ್ಮಾನ್

ಅಗ್ನೇ ನಯ ಸುಪಥಾ ರಾಯೇ ಅಸ್ಮಾನ್. ಹೇ ಅಗ್ನಿ, ನಮ್ಮನ್ನು ಒಳ್ಳೆಯ ಮಾರ್ಗದಲ್ಲಿ ಕೊಂಡೊಯ್ಯು. ನಮ್ಮ ಪಾಪಗಳನ್ನು ದೂರಮಾಡು. ನಿನಗೆ ಬಹುಬಾರಿ ನಮಸ್ಕರಿಸುತ್ತೇವೆ.

ಈಶಾವಾಸ್ಯಮಿದಂ ಸರ್ವಂ ಯತ್ಕಿಂಚ ಜಗತ್ಯಾಂ ಜಗತ್. ತೇನ ತ್ಯಕ್ತೇನ ಭುಂಜೀಥಾ ಮಾ ಗೃಧಃ ಕಸ್ಯಸ್ವಿದ್ಧನಮ್. ಈ ಜಗತ್ತಿನಲ್ಲಿ ಚಲಿಸುವ ಎಲ್ಲವೂ ಈಶ್ವರನಿಂದ ಆವರಿಸಲ್ಪಟ್ಟಿದೆ. ತ್ಯಾಗದಿಂದ ಅನುಭವಿಸು, ಯಾರ ಧನವನ್ನೂ ಆಶಿಸಬೇಡ.

ಕುರ್ವನ್ನೇವೇಹ ಕರ್ಮಾಣಿ ಜಿಜೀವಿಷೇಚ್ಛತಂ ಸಮಾಃ. ಕರ್ಮ ಮಾಡುತ್ತಲೇ ನೂರು ವರ್ಷ ಬಾಳಲು ಬಯಸಬೇಕು. ಕರ್ಮವು ಬಂಧನಕ್ಕೆ ಕಾರಣವಾಗದಂತೆ ನಿಷ್ಕಾಮ ಭಾವದಿಂದ ಮಾಡಬೇಕು.

ವಿದ್ಯಾ ಮತ್ತು ಅವಿದ್ಯಾ ಎರಡನ್ನೂ ಒಟ್ಟಿಗೆ ತಿಳಿದವನು ಅವಿದ್ಯೆಯಿಂದ ಮೃತ್ಯುವನ್ನು ದಾಟಿ ವಿದ್ಯೆಯಿಂದ ಅಮೃತತ್ವವನ್ನು ಪಡೆಯುತ್ತಾನೆ.

ಓಂ ಶಾಂತಿಃ ಶಾಂತಿಃ ಶಾಂತಿಃ

ಯಾರಾದರೂ ಸಾರ್ವಜನಿಕ ಆಸ್ತಿ ನಾಶಪಡಿಸಿದರೆ ಕಂಡಲ್ಲಿ ಗುಂಡಿಕ್ಕಿ
ನವದೆಹಲಿ/ಬೆಂಗಳೂರು, ಡಿ.17- ಪೌರತ್ವ ತಿದ್ದುಪಡಿ ಕಾಯ್ದೆ ವಿರೋಧಿಸಿ ನಡೆಯುತ್ತಿರುವ ಪ್ರತಿಭಟನೆಯಲ್ಲಿ ಯಾರಾದರೂ ಸಾರ್ವಜನಿಕ ಆಸ್ತಿ ನಾಶಪಡಿಸಿದರೆ ಕಂಡಲ್ಲಿ ಗುಂಡಿಕ್ಕಲು ಆದೇಶಿಸಲಾಗುವುದು ಎಂದು ರೈಲ್ವೆ ಖಾತೆ ರಾಜ್ಯ ಸಚಿವ ಸುರೇಶ್ ಅಂಗಡಿ ಹೇಳಿದ್ದಾರೆ. ಸಾರ್ವಜನಿಕ ಆಸ್ತಿ ದೇಶದ ಜನರ ತೆರಿಗೆ ಹಣದಿಂದ ನಿರ್ಮಿತವಾದುದು. ಅದನ್ನು ನಾಶಪಡಿಸುವುದು ದೇಶದ್ರೋಹಕ್ಕೆ ಸಮ ಎಂದು ಅವರು ತಿಳಿಸಿದರು.
ದೆಹಲಿಯಲ್ಲಿ ಭುಗಿಲೆದ್ದ ಹಿಂಸಾಚಾರ, ಪೊಲೀಸ್ ಠಾಣೆಗೆ ಬೆಂಕಿ, ಆಕ್ರೋಶ
ನವದೆಹಲಿ, ಡಿ.17- ಪೌರತ್ವ ತಿದ್ದುಪಡಿ ಕಾಯ್ದೆ ವಿರೋಧಿಸಿ ದೆಹಲಿಯ ಸೀಲಂಪುರ ಪ್ರದೇಶದಲ್ಲಿ ನಡೆದ ಪ್ರತಿಭಟನೆ ಹಿಂಸಾರೂಪ ಪಡೆದಿದ್ದು ಪ್ರತಿಭಟನಾಕಾರರು ಪೊಲೀಸರ ಮೇಲೆ ಕಲ್ಲು ತೂರಾಟ ನಡೆಸಿದ್ದಾರೆ. ಪೊಲೀಸ್ ಠಾಣೆ ಹಾಗೂ ವಾಹನಗಳಿಗೆ ಬೆಂಕಿ ಹಚ್ಚಿದ್ದಾರೆ. ಪರಿಸ್ಥಿತಿ ನಿಯಂತ್ರಿಸಲು ಪೊಲೀಸರು ಅಶ್ರುವಾಯು ಪ್ರಯೋಗಿಸಿದರು.
ಪೌರತ್ವ ತಿದ್ದುಪಡಿ ಕಾಯ್ದೆ ವಿರೋಧಿ ಪ್ರತಿಭಟನೆಗೆ ಪಿಎಫ್ಐ, ಸಿಮಿ ಕಾರಣ: ಬಿಜೆಪಿ ಆರೋಪ
ನವದೆಹಲಿ, ಡಿ.17- ಪೌರತ್ವ ತಿದ್ದುಪಡಿ ಕಾಯ್ದೆ ವಿರೋಧಿಸಿ ದೇಶಾದ್ಯಂತ ನಡೆಯುತ್ತಿರುವ ಹಿಂಸಾತ್ಮಕ ಪ್ರತಿಭಟನೆಗಳ ಹಿಂದೆ ಪಾಪ್ಯುಲರ್ ಫ್ರಂಟ್ ಆಫ್ ಇಂಡಿಯಾ (ಪಿಎಫ್ಐ) ಹಾಗೂ ನಿಷೇಧಿತ ಸಿಮಿ ಸಂಘಟನೆಗಳ ಕೈವಾಡವಿದೆ ಎಂದು ಬಿಜೆಪಿ ಆರೋಪಿಸಿದೆ. ಈ ಬಗ್ಗೆ ತನಿಖೆ ನಡೆಸಬೇಕು ಎಂದು ಒತ್ತಾಯಿಸಿದೆ.
ಪ್ರತಿಪಕ್ಷಗಳಿಂದ ರಾಷ್ಟ್ರಪತಿ ಭೇಟಿ
ನವದೆಹಲಿ, ಡಿ.17- ಪೌರತ್ವ ತಿದ್ದುಪಡಿ ಕಾಯ್ದೆ ವಿರೋಧಿಸಿ ಕಾಂಗ್ರೆಸ್ ಸೇರಿದಂತೆ ವಿವಿಧ ಪ್ರತಿಪಕ್ಷಗಳ ನಾಯಕರು ರಾಷ್ಟ್ರಪತಿ ರಾಮನಾಥ್ ಕೋವಿಂದ್ ಅವರನ್ನು ಭೇಟಿ ಮಾಡಿ ಮನವಿ ಸಲ್ಲಿಸಿದರು. ಜಾಮಿಯಾ ವಿವಿ ವಿದ್ಯಾರ್ಥಿಗಳ ಮೇಲಿನ ಪೊಲೀಸ್ ದೌರ್ಜನ್ಯದ ಬಗ್ಗೆ ತನಿಖೆ ನಡೆಸಬೇಕು ಎಂದು ಸೋನಿಯಾ ಗಾಂಧಿ ಆಗ್ರಹಿಸಿದರು.
Printed by T.S. Gopinath, Published by M. Govinde Gowda on behalf of Academy Newspapers Private Limited, 15-C Industrial 'A' Layout, Bannimantap, Mysore-570 015 and Printed at Academy Newspapers Private Limited, 15-C Industrial 'A' Layout, Bannimantap, Mysore-570 015 and Published at 15-C Industrial 'A' Layout, Bannimantap, Mysore-570 015, Editor: M. Govinde Gowda Ph: 2496520 / 2496521 / 2496526 / 2496527 / 2496528. Fax: 0821-2496525. CITY OFFICES: Visweswaraya Building, III Floor, K.R. CIRCLE, MYSORE-570 001, Ph: 2431774 and No. 114, D. DEVARAJ URS ROAD, MYSORE-570 001. Ph: 2428695. RNI Reg. No. 36581 / 1980 E-mail address: news@mysurumithra.com For advertisements: ad@mysurumithra.com
